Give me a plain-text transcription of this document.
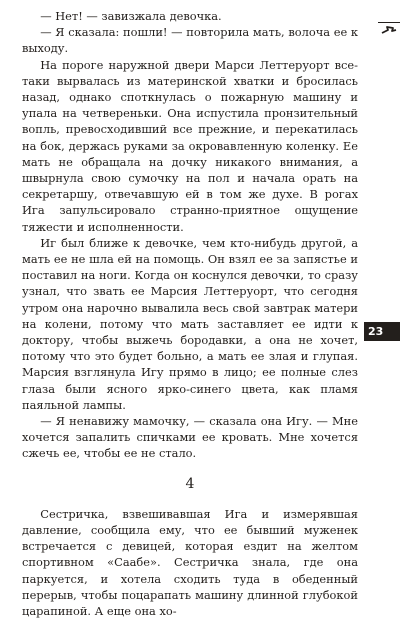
— Нет! — завизжала девочка.

— Я сказала: пошли! — повторила мать, волоча ее к выходу.

На пороге наружной двери Марси Леттеруорт все-таки вырвалась из материнской хватки и бросилась назад, однако споткнулась о пожарную машину и упала на четвереньки. Она испустила пронзительный вопль, превосходивший все прежние, и перекатилась на бок, держась руками за окровавленную коленку. Ее мать не обращала на дочку никакого внимания, а швырнула свою сумочку на пол и начала орать на секретаршу, отвечавшую ей в том же духе. В рогах Ига запульсировало странно-приятное ощущение тяжести и исполненности.

Иг был ближе к девочке, чем кто-нибудь другой, а мать ее не шла ей на помощь. Он взял ее за запястье и поставил на ноги. Когда он коснулся девочки, то сразу узнал, что звать ее Марсия Леттеруорт, что сегодня утром она нарочно вывалила весь свой завтрак матери на колени, потому что мать заставляет ее идти к доктору, чтобы выжечь бородавки, а она не хочет, потому что это будет больно, а мать ее злая и глупая. Марсия взглянула Игу прямо в лицо; ее полные слез глаза были ясного ярко-синего цвета, как пламя паяльной лампы.

— Я ненавижу мамочку, — сказала она Игу. — Мне хочется запалить спичками ее кровать. Мне хочется сжечь ее, чтобы ее не стало.

4

Сестричка, взвешивавшая Ига и измерявшая давление, сообщила ему, что ее бывший муженек встречается с девицей, которая ездит на желтом спортивном «Саабе». Сестричка знала, где она паркуется, и хотела сходить туда в обеденный перерыв, чтобы поцарапать машину длинной глубокой царапиной. А еще она хо-

23
